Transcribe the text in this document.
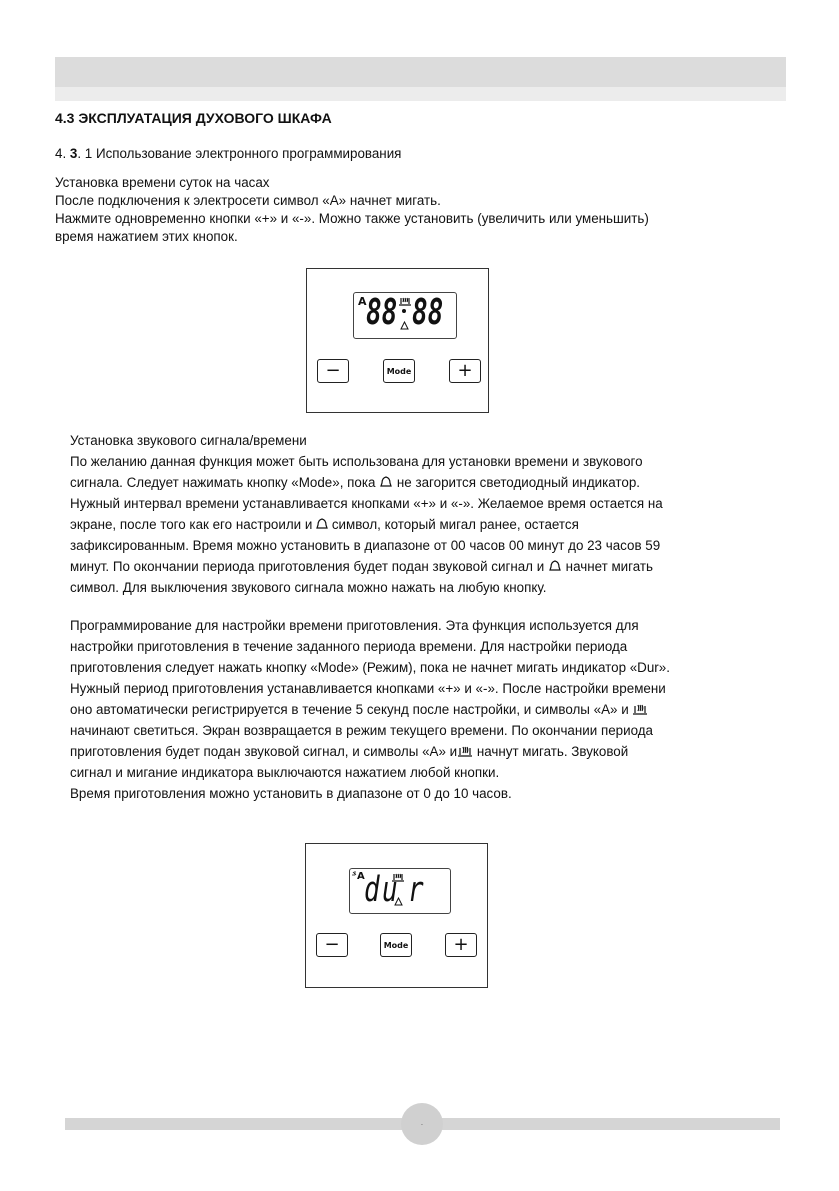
4.3 ЭКСПЛУАТАЦИЯ ДУХОВОГО ШКАФА
4. 3. 1 Использование электронного программирования
Установка времени суток на часах
После подключения к электросети символ «А» начнет мигать.
Нажмите одновременно кнопки «+» и «-». Можно также установить (увеличить или уменьшить)
время нажатием этих кнопок.
A 88 88
−	Mode	+
Установка звукового сигнала/времени
По желанию данная функция может быть использована для установки времени и звукового
сигнала. Следует нажимать кнопку «Mode», пока не загорится светодиодный индикатор.
Нужный интервал времени устанавливается кнопками «+» и «-». Желаемое время остается на
экране, после того как его настроили и символ, который мигал ранее, остается
зафиксированным. Время можно установить в диапазоне от 00 часов 00 минут до 23 часов 59
минут. По окончании периода приготовления будет подан звуковой сигнал и начнет мигать
символ. Для выключения звукового сигнала можно нажать на любую кнопку.
Программирование для настройки времени приготовления. Эта функция используется для
настройки приготовления в течение заданного периода времени. Для настройки периода
приготовления следует нажать кнопку «Mode» (Режим), пока не начнет мигать индикатор «Dur».
Нужный период приготовления устанавливается кнопками «+» и «-». После настройки времени
оно автоматически регистрируется в течение 5 секунд после настройки, и символы «А» и
начинают светиться. Экран возвращается в режим текущего времени. По окончании периода
приготовления будет подан звуковой сигнал, и символы «А» и начнут мигать. Звуковой
сигнал и мигание индикатора выключаются нажатием любой кнопки.
Время приготовления можно установить в диапазоне от 0 до 10 часов.
A d u r
−	Mode	+
·
